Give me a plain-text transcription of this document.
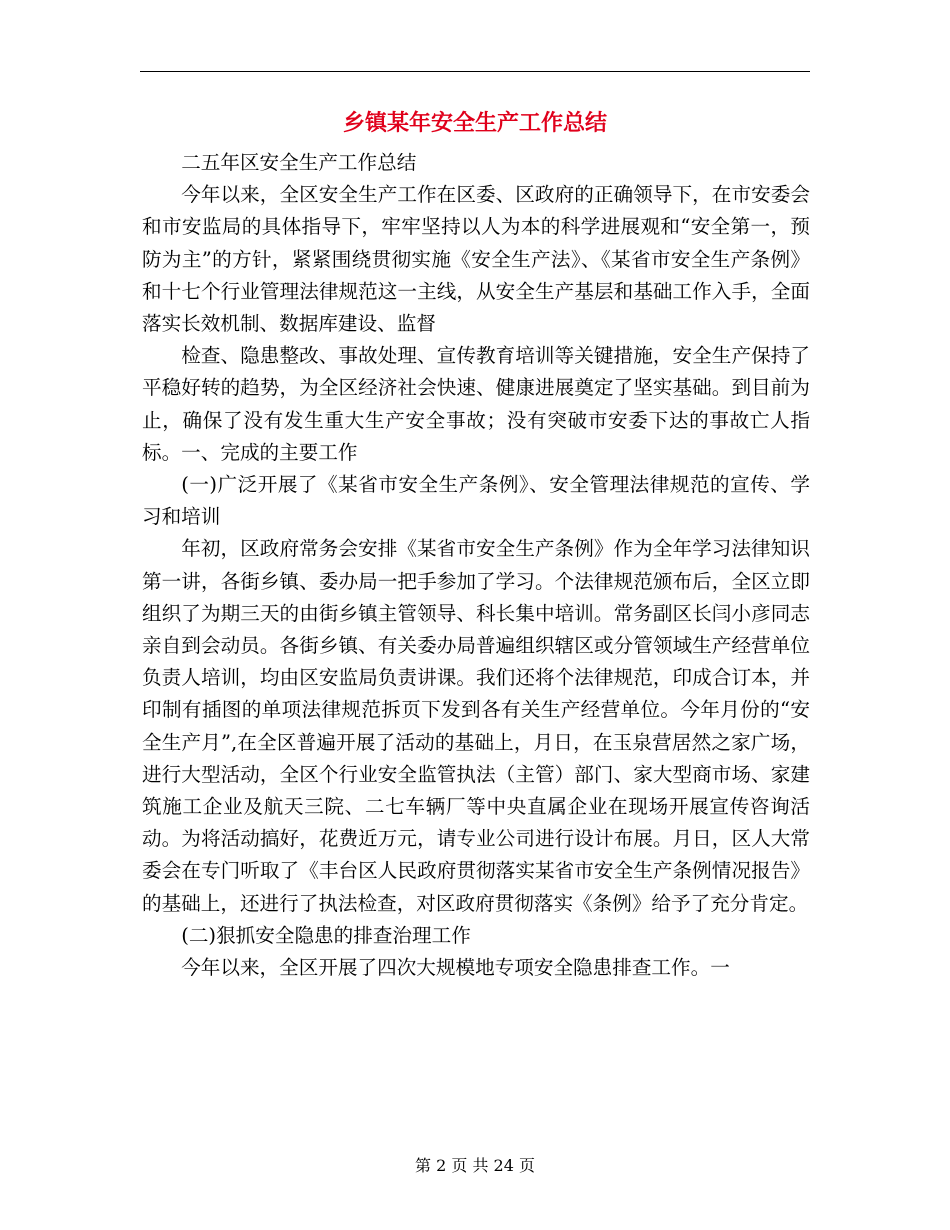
乡镇某年安全生产工作总结

二五年区安全生产工作总结

今年以来，全区安全生产工作在区委、区政府的正确领导下，在市安委会和市安监局的具体指导下，牢牢坚持以人为本的科学进展观和“安全第一，预防为主”的方针，紧紧围绕贯彻实施《安全生产法》、《某省市安全生产条例》和十七个行业管理法律规范这一主线，从安全生产基层和基础工作入手，全面落实长效机制、数据库建设、监督

检查、隐患整改、事故处理、宣传教育培训等关键措施，安全生产保持了平稳好转的趋势，为全区经济社会快速、健康进展奠定了坚实基础。到目前为止，确保了没有发生重大生产安全事故；没有突破市安委下达的事故亡人指标。一、完成的主要工作

(一)广泛开展了《某省市安全生产条例》、安全管理法律规范的宣传、学习和培训

年初，区政府常务会安排《某省市安全生产条例》作为全年学习法律知识第一讲，各街乡镇、委办局一把手参加了学习。个法律规范颁布后，全区立即组织了为期三天的由街乡镇主管领导、科长集中培训。常务副区长闫小彦同志亲自到会动员。各街乡镇、有关委办局普遍组织辖区或分管领域生产经营单位负责人培训，均由区安监局负责讲课。我们还将个法律规范，印成合订本，并印制有插图的单项法律规范拆页下发到各有关生产经营单位。今年月份的“安全生产月”,在全区普遍开展了活动的基础上，月日，在玉泉营居然之家广场，进行大型活动，全区个行业安全监管执法（主管）部门、家大型商市场、家建筑施工企业及航天三院、二七车辆厂等中央直属企业在现场开展宣传咨询活动。为将活动搞好，花费近万元，请专业公司进行设计布展。月日，区人大常委会在专门听取了《丰台区人民政府贯彻落实某省市安全生产条例情况报告》的基础上，还进行了执法检查，对区政府贯彻落实《条例》给予了充分肯定。

(二)狠抓安全隐患的排查治理工作

今年以来，全区开展了四次大规模地专项安全隐患排查工作。一

第 2 页 共 24 页
